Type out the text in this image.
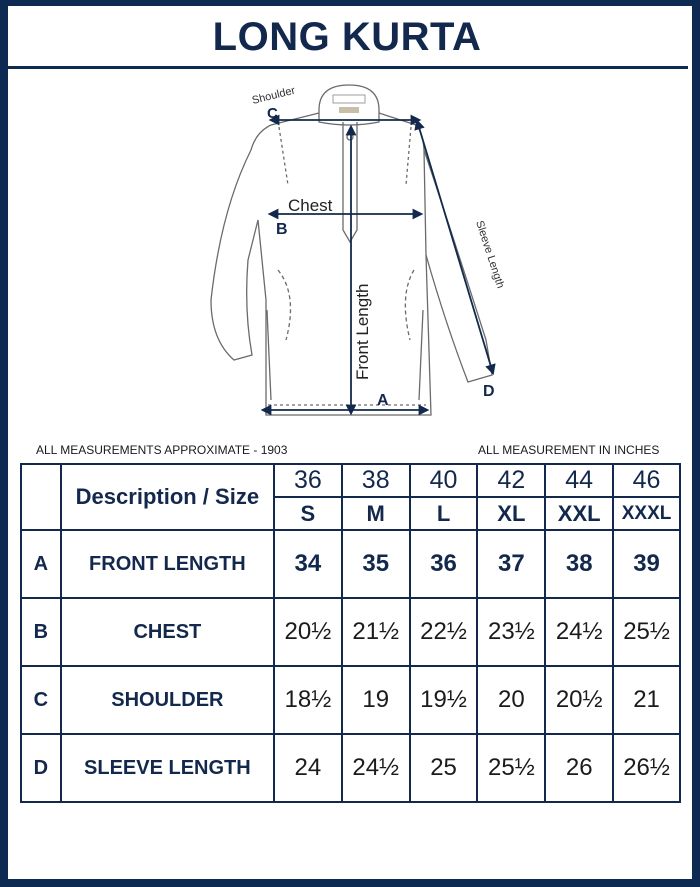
LONG KURTA
Shoulder
C
Chest
B
Front Length
A
Sleeve Length
D
ALL MEASUREMENTS APPROXIMATE - 1903	ALL MEASUREMENT IN INCHES
	Description / Size	36	38	40	42	44	46
		S	M	L	XL	XXL	XXXL
A	FRONT LENGTH	34	35	36	37	38	39
B	CHEST	20½	21½	22½	23½	24½	25½
C	SHOULDER	18½	19	19½	20	20½	21
D	SLEEVE LENGTH	24	24½	25	25½	26	26½
